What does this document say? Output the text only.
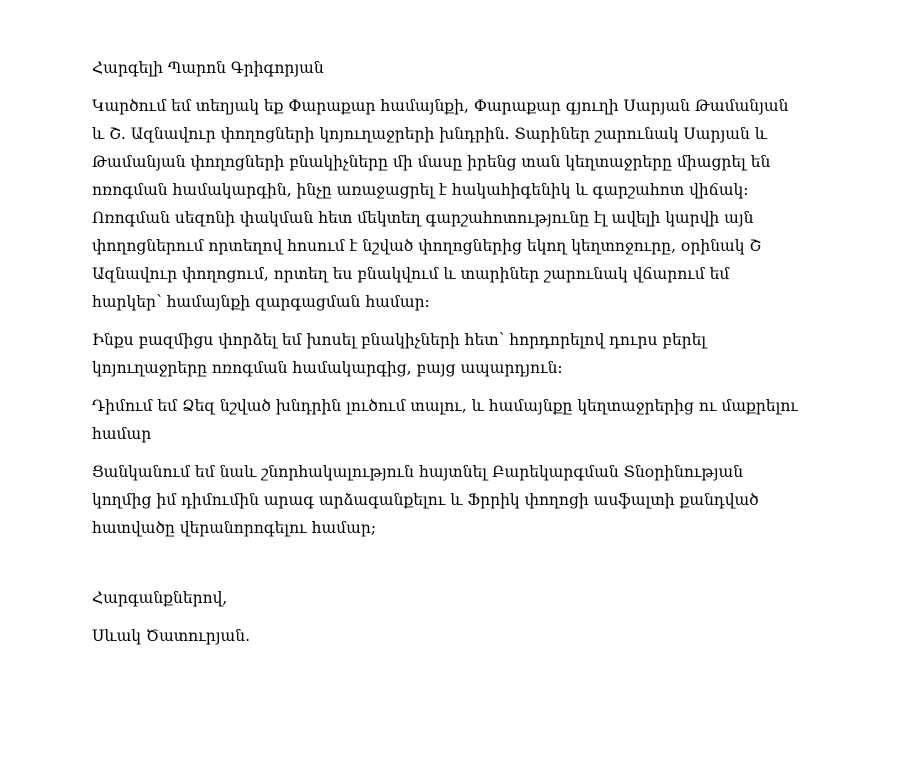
Հարգելի Պարոն Գրիգորյան

Կարծում եմ տեղյակ եք Փարաքար համայնքի, Փարաքար գյուղի Սարյան Թամանյան
և Շ. Ազնավուր փողոցների կոյուղաջրերի խնդրին. Տարիներ շարունակ Սարյան և
Թամանյան փողոցների բնակիչները մի մասը իրենց տան կեղտաջրերը միացրել են
ոռոգման համակարգին, ինչը առաջացրել է հակահիգենիկ և գարշահոտ վիճակ:
Ոռոգման սեզոնի փակման հետ մեկտեղ գարշահոտությունը էլ ավելի կարվի այն
փողոցներում որտեղով հոսում է նշված փողոցներից եկող կեղտոջուրը, օրինակ Շ
Ազնավուր փողոցում, որտեղ ես բնակվում և տարիներ շարունակ վճարում եմ
հարկեր՝ համայնքի զարգացման համար:

Ինքս բազմիցս փորձել եմ խոսել բնակիչների հետ՝ հորդորելով դուրս բերել
կոյուղաջրերը ոռոգման համակարգից, բայց ապարդյուն:

Դիմում եմ Ձեզ նշված խնդրին լուծում տալու, և համայնքը կեղտաջրերից ու մաքրելու
համար

Ցանկանում եմ նաև շնորհակալություն հայտնել Բարեկարգման Տնօրինության
կողմից իմ դիմումին արագ արձագանքելու և Ֆրրիկ փողոցի ասֆալտի քանդված
հատվածը վերանորոգելու համար;

Հարգանքներով,

Սևակ Ծատուրյան.
